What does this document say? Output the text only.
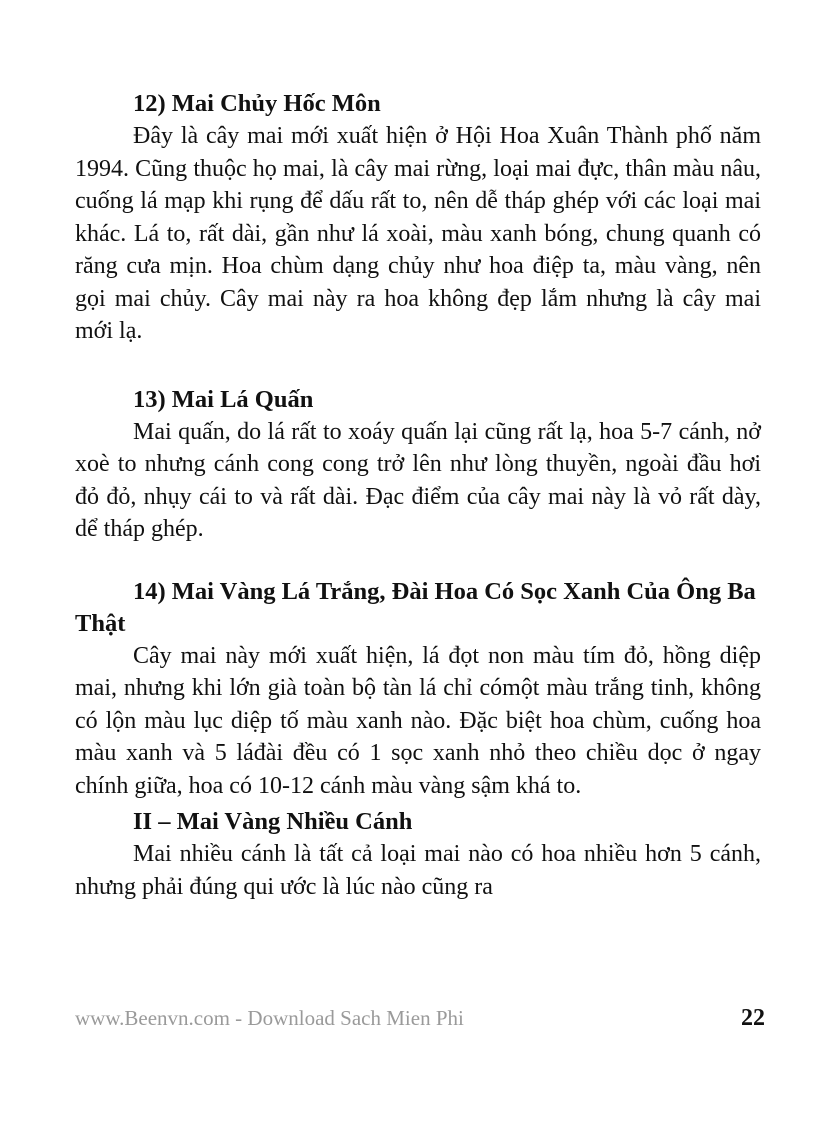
12) Mai Chủy Hốc Môn

Đây là cây mai mới xuất hiện ở Hội Hoa Xuân Thành phố năm 1994. Cũng thuộc họ mai, là cây mai rừng, loại mai đực, thân màu nâu, cuống lá mạp khi rụng để dấu rất to, nên dễ tháp ghép với các loại mai khác. Lá to, rất dài, gần như lá xoài, màu xanh bóng, chung quanh có răng cưa mịn. Hoa chùm dạng chủy như hoa điệp ta, màu vàng, nên gọi mai chủy. Cây mai này ra hoa không đẹp lắm nhưng là cây mai mới lạ.

13) Mai Lá Quấn

Mai quấn, do lá rất to xoáy quấn lại cũng rất lạ, hoa 5-7 cánh, nở xoè to nhưng cánh cong cong trở lên như lòng thuyền, ngoài đầu hơi đỏ đỏ, nhụy cái to và rất dài. Đạc điểm của cây mai này là vỏ rất dày, dể tháp ghép.

14) Mai Vàng Lá Trắng, Đài Hoa Có Sọc Xanh Của Ông Ba Thật

Cây mai này mới xuất hiện, lá đọt non màu tím đỏ, hồng diệp mai, nhưng khi lớn già toàn bộ tàn lá chỉ cómột màu trắng tinh, không có lộn màu lục diệp tố màu xanh nào. Đặc biệt hoa chùm, cuống hoa màu xanh và 5 láđài đều có 1 sọc xanh nhỏ theo chiều dọc ở ngay chính giữa, hoa có 10-12 cánh màu vàng sậm khá to.

II – Mai Vàng Nhiều Cánh

Mai nhiều cánh là tất cả loại mai nào có hoa nhiều hơn 5 cánh, nhưng phải đúng qui ước là lúc nào cũng ra

www.Beenvn.com - Download Sach Mien Phi	22
